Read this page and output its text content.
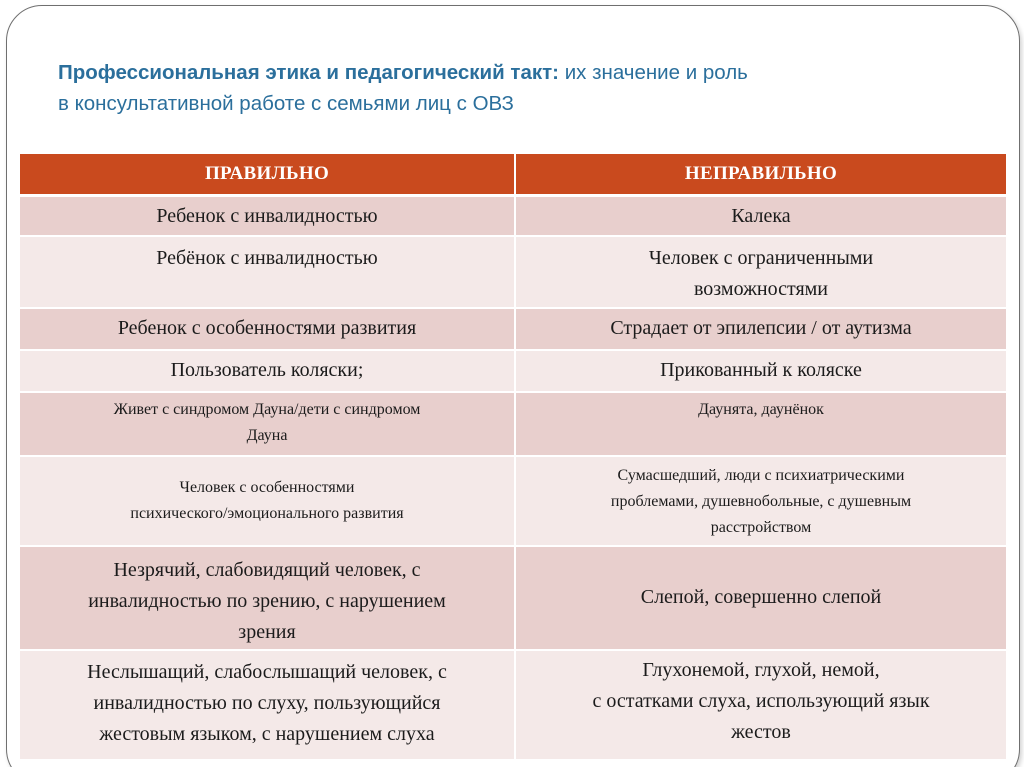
Профессиональная этика и педагогический такт: их значение и роль
в консультативной работе с семьями лиц с ОВЗ
ПРАВИЛЬНО	НЕПРАВИЛЬНО

Ребенок с инвалидностью	Калека

Ребёнок с инвалидностью	Человек с ограниченными
возможностями

Ребенок с особенностями развития	Страдает от эпилепсии / от аутизма

Пользователь коляски;	Прикованный к коляске

Живет с синдромом Дауна/дети с синдромом
Дауна	Даунята, даунёнок

Человек с особенностями
психического/эмоционального развития	Сумасшедший, люди с психиатрическими
проблемами, душевнобольные, с душевным
расстройством

Незрячий, слабовидящий человек, с
инвалидностью по зрению, с нарушением
зрения	Слепой, совершенно слепой

Неслышащий, слабослышащий человек, с
инвалидностью по слуху, пользующийся
жестовым языком, с нарушением слуха	Глухонемой, глухой, немой,
с остатками слуха, использующий язык
жестов
